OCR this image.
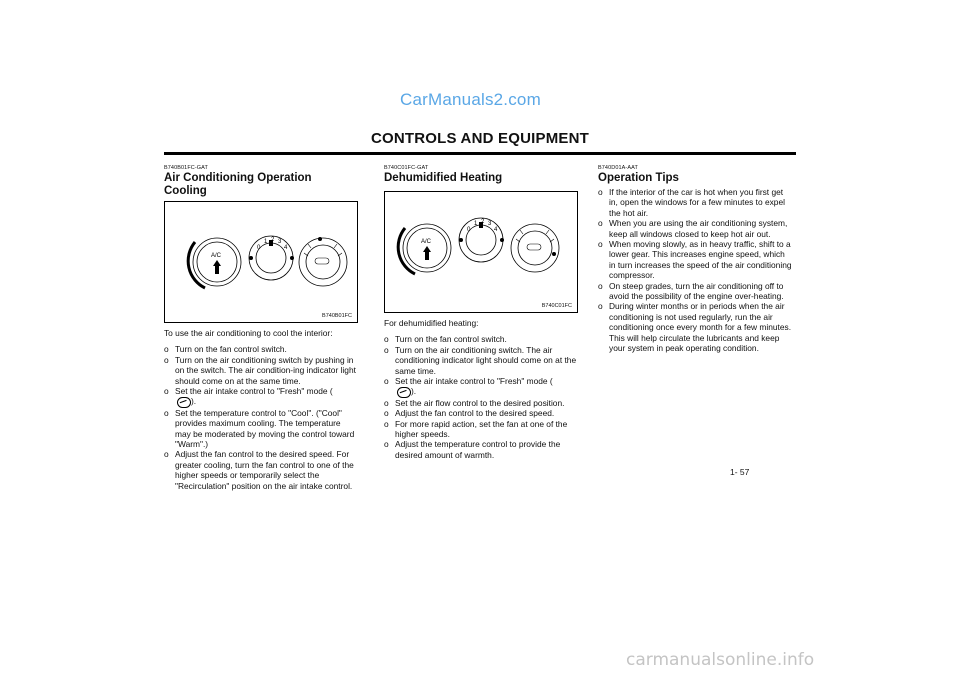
CarManuals2.com
CONTROLS AND EQUIPMENT
B740B01FC-GAT
Air Conditioning Operation
Cooling
A/C
0
1 2 3
4
B740B01FC
To use the air conditioning to cool the interior:
o Turn on the fan control switch.
o Turn on the air conditioning switch by pushing in on the switch. The air condition-ing indicator light should come on at the same time.
o Set the air intake control to "Fresh" mode (
).
o Set the temperature control to "Cool". ("Cool" provides maximum cooling. The temperature may be moderated by moving the control toward "Warm".)
o Adjust the fan control to the desired speed. For greater cooling, turn the fan control to one of the higher speeds or temporarily select the "Recirculation" position on the air intake control.
B740C01FC-GAT
Dehumidified Heating
A/C
0
1 2 3
4
B740C01FC
For dehumidified heating:
o Turn on the fan control switch.
o Turn on the air conditioning switch. The air conditioning indicator light should come on at the same time.
o Set the air intake control to "Fresh" mode (
).
o Set the air flow control to the desired position.
o Adjust the fan control to the desired speed.
o For more rapid action, set the fan at one of the higher speeds.
o Adjust the temperature control to provide the desired amount of warmth.
B740D01A-AAT
Operation Tips
o If the interior of the car is hot when you first get in, open the windows for a few minutes to expel the hot air.
o When you are using the air conditioning system, keep all windows closed to keep hot air out.
o When moving slowly, as in heavy traffic, shift to a lower gear. This increases engine speed, which in turn increases the speed of the air conditioning compressor.
o On steep grades, turn the air conditioning off to avoid the possibility of the engine over-heating.
o During winter months or in periods when the air conditioning is not used regularly, run the air conditioning once every month for a few minutes. This will help circulate the lubricants and keep your system in peak operating condition.
1- 57
carmanualsonline.info
